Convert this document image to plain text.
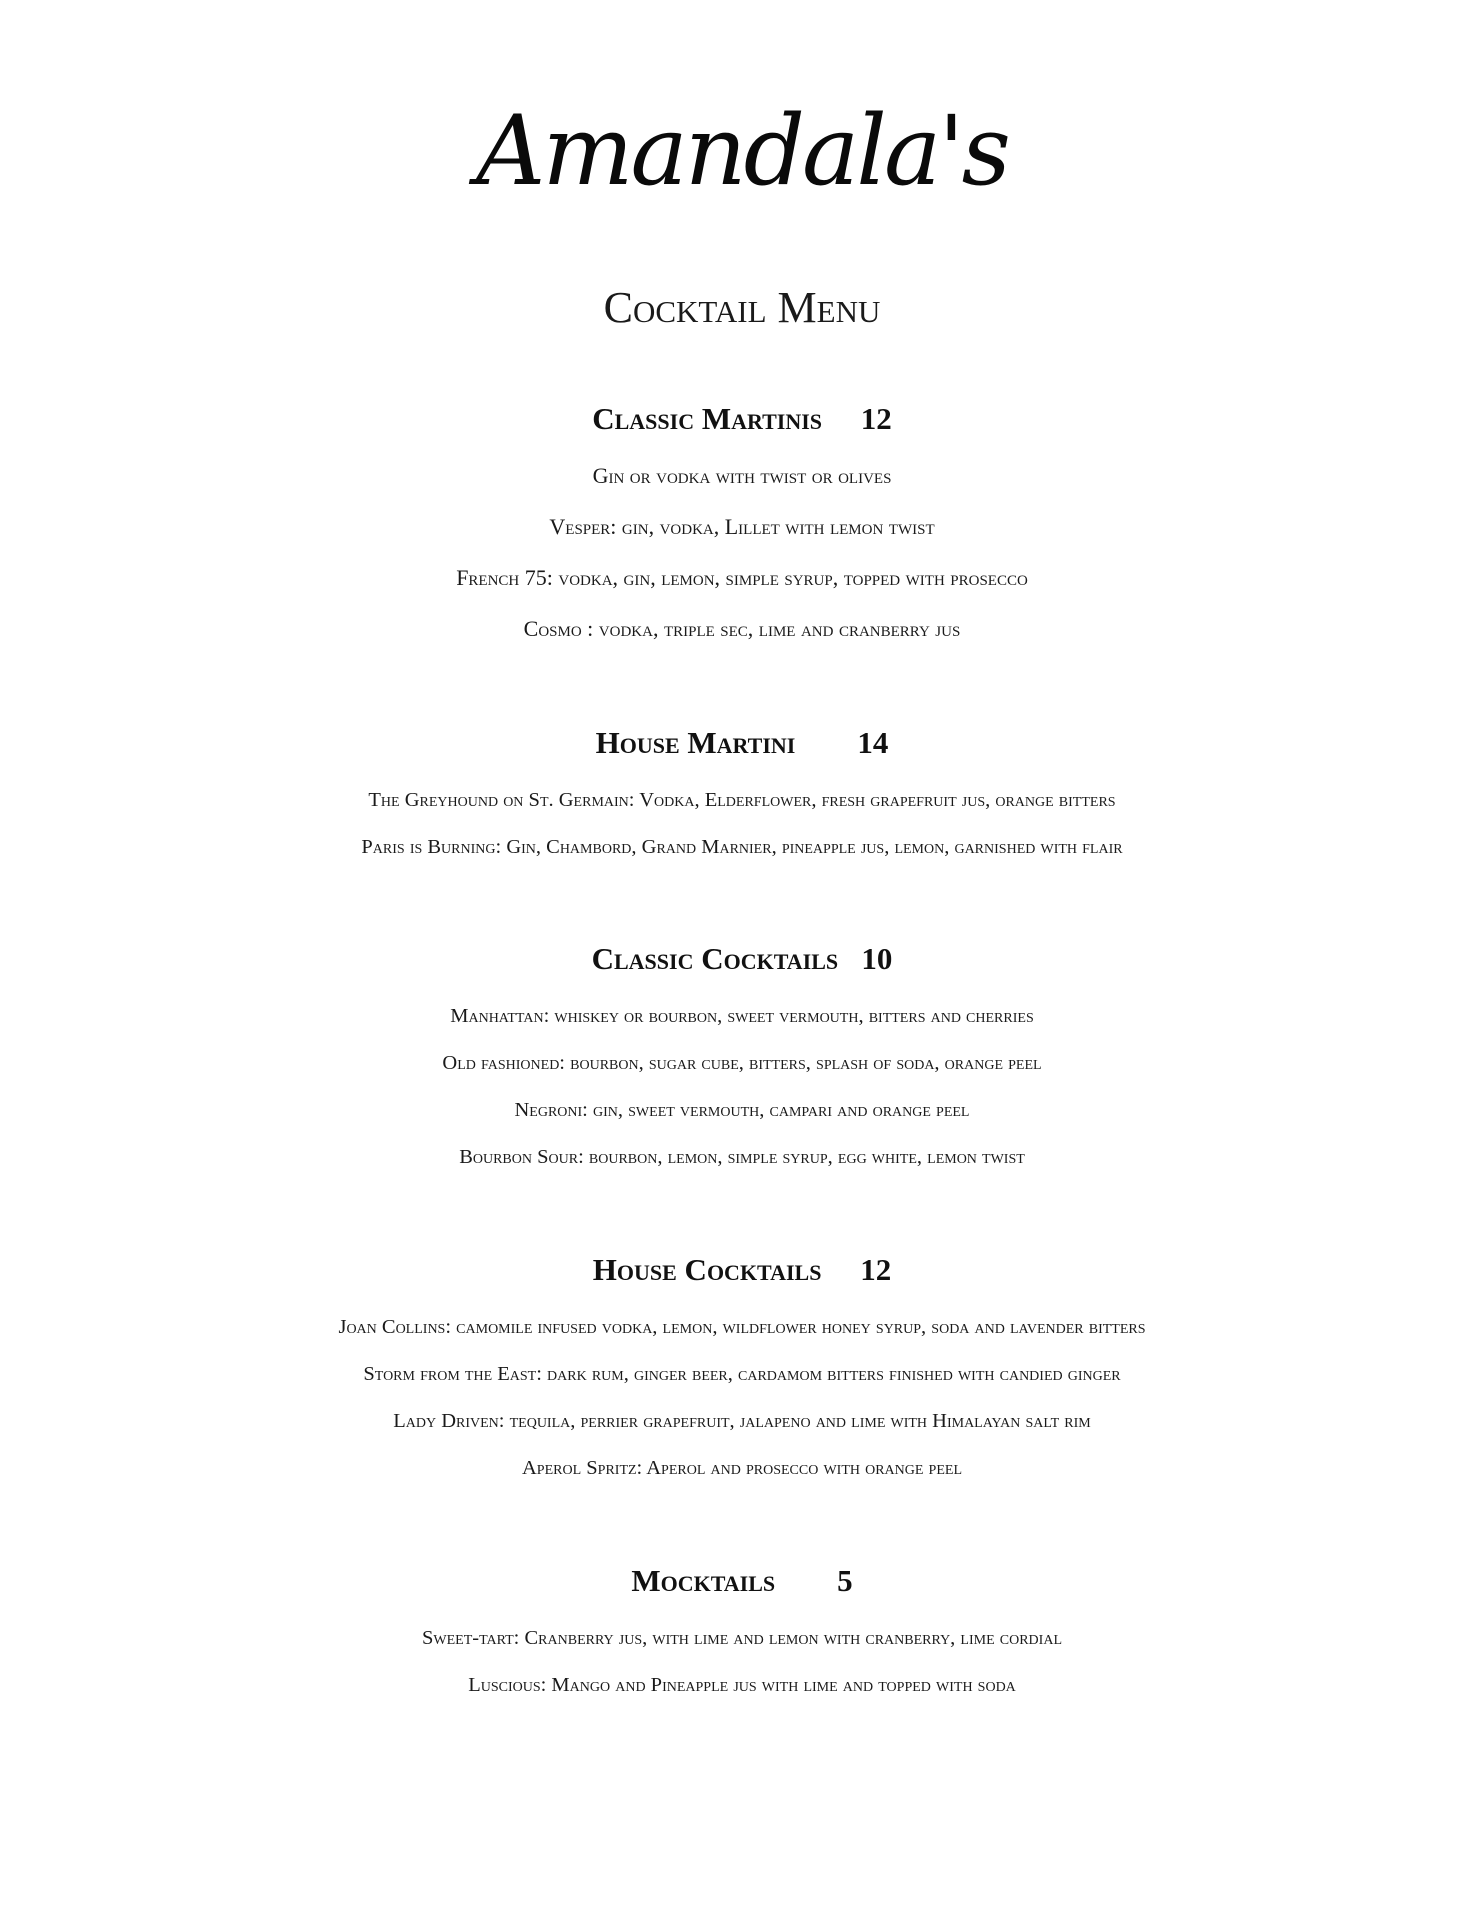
Amandala's
Cocktail Menu
Classic Martinis 12
Gin or vodka with twist or olives
Vesper: gin, vodka, Lillet with lemon twist
French 75: vodka, gin, lemon, simple syrup, topped with prosecco
Cosmo : vodka, triple sec, lime and cranberry jus
House Martini 14
The Greyhound on St. Germain: Vodka, Elderflower, fresh grapefruit jus, orange bitters
Paris is Burning: Gin, Chambord, Grand Marnier, pineapple jus, lemon, garnished with flair
Classic Cocktails 10
Manhattan: whiskey or bourbon, sweet vermouth, bitters and cherries
Old fashioned: bourbon, sugar cube, bitters, splash of soda, orange peel
Negroni: gin, sweet vermouth, campari and orange peel
Bourbon Sour: bourbon, lemon, simple syrup, egg white, lemon twist
House Cocktails 12
Joan Collins: camomile infused vodka, lemon, wildflower honey syrup, soda and lavender bitters
Storm from the East: dark rum, ginger beer, cardamom bitters finished with candied ginger
Lady Driven: tequila, perrier grapefruit, jalapeno and lime with Himalayan salt rim
Aperol Spritz: Aperol and prosecco with orange peel
Mocktails 5
Sweet-tart: Cranberry jus, with lime and lemon with cranberry, lime cordial
Luscious: Mango and Pineapple jus with lime and topped with soda
